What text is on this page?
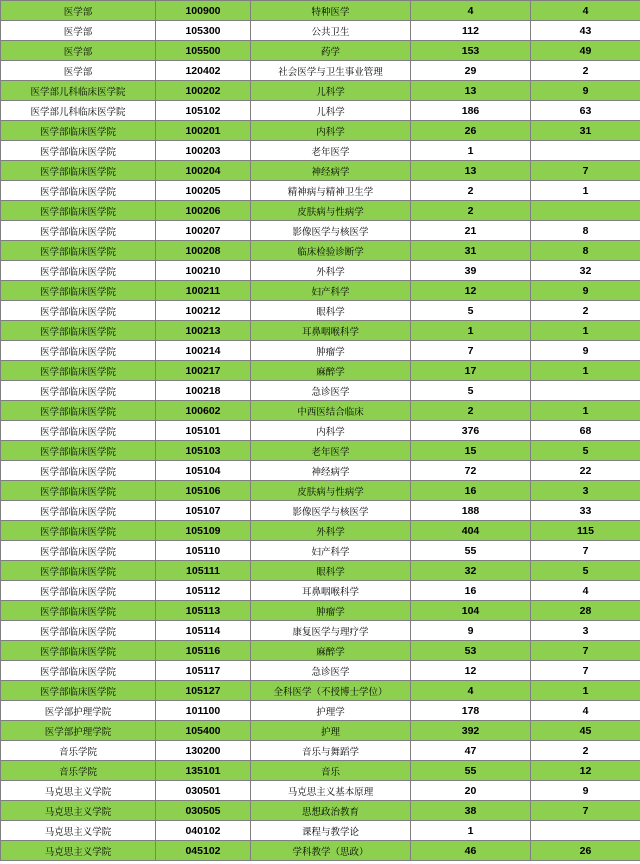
医学部	100900	特种医学	4	4
医学部	105300	公共卫生	112	43
医学部	105500	药学	153	49
医学部	120402	社会医学与卫生事业管理	29	2
医学部儿科临床医学院	100202	儿科学	13	9
医学部儿科临床医学院	105102	儿科学	186	63
医学部临床医学院	100201	内科学	26	31
医学部临床医学院	100203	老年医学	1	
医学部临床医学院	100204	神经病学	13	7
医学部临床医学院	100205	精神病与精神卫生学	2	1
医学部临床医学院	100206	皮肤病与性病学	2	
医学部临床医学院	100207	影像医学与核医学	21	8
医学部临床医学院	100208	临床检验诊断学	31	8
医学部临床医学院	100210	外科学	39	32
医学部临床医学院	100211	妇产科学	12	9
医学部临床医学院	100212	眼科学	5	2
医学部临床医学院	100213	耳鼻咽喉科学	1	1
医学部临床医学院	100214	肿瘤学	7	9
医学部临床医学院	100217	麻醉学	17	1
医学部临床医学院	100218	急诊医学	5	
医学部临床医学院	100602	中西医结合临床	2	1
医学部临床医学院	105101	内科学	376	68
医学部临床医学院	105103	老年医学	15	5
医学部临床医学院	105104	神经病学	72	22
医学部临床医学院	105106	皮肤病与性病学	16	3
医学部临床医学院	105107	影像医学与核医学	188	33
医学部临床医学院	105109	外科学	404	115
医学部临床医学院	105110	妇产科学	55	7
医学部临床医学院	105111	眼科学	32	5
医学部临床医学院	105112	耳鼻咽喉科学	16	4
医学部临床医学院	105113	肿瘤学	104	28
医学部临床医学院	105114	康复医学与理疗学	9	3
医学部临床医学院	105116	麻醉学	53	7
医学部临床医学院	105117	急诊医学	12	7
医学部临床医学院	105127	全科医学（不授博士学位）	4	1
医学部护理学院	101100	护理学	178	4
医学部护理学院	105400	护理	392	45
音乐学院	130200	音乐与舞蹈学	47	2
音乐学院	135101	音乐	55	12
马克思主义学院	030501	马克思主义基本原理	20	9
马克思主义学院	030505	思想政治教育	38	7
马克思主义学院	040102	课程与教学论	1	
马克思主义学院	045102	学科教学（思政）	46	26
